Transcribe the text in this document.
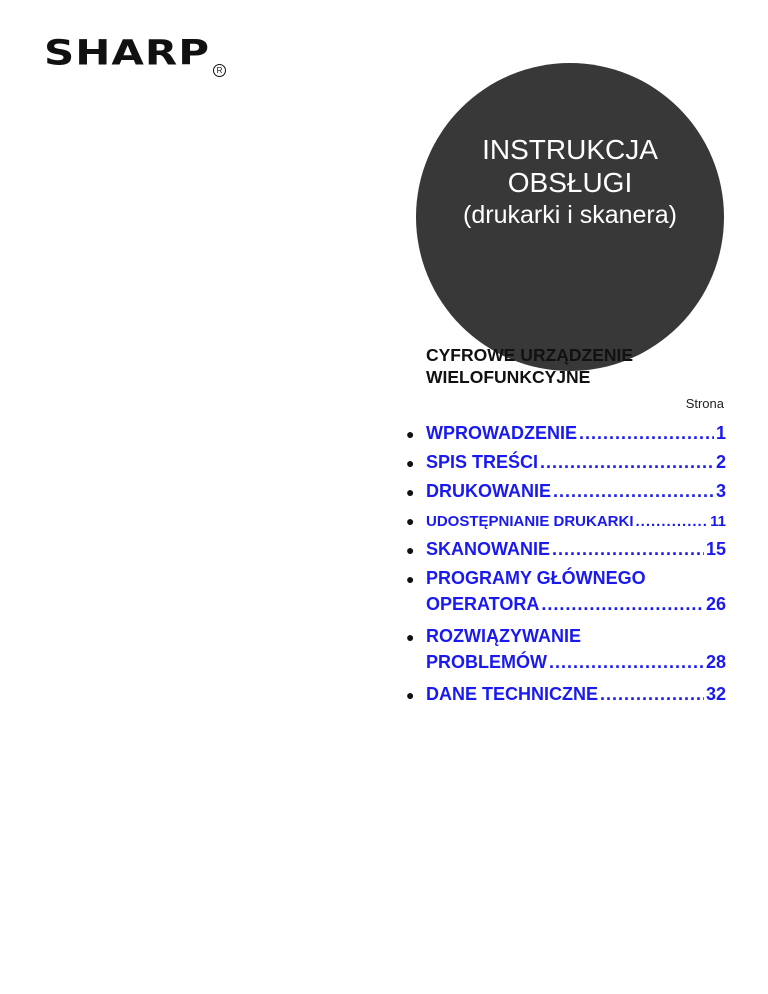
SHARP R
INSTRUKCJA
OBSŁUGI
(drukarki i skanera)
CYFROWE URZĄDZENIE
WIELOFUNKCYJNE
Strona
● WPROWADZENIE .....	1
● SPIS TREŚCI .....	2
● DRUKOWANIE .....	3
● UDOSTĘPNIANIE DRUKARKI .....	11
● SKANOWANIE .....	15
● PROGRAMY GŁÓWNEGO
OPERATORA .....	26
● ROZWIĄZYWANIE
PROBLEMÓW .....	28
● DANE TECHNICZNE .....	32
